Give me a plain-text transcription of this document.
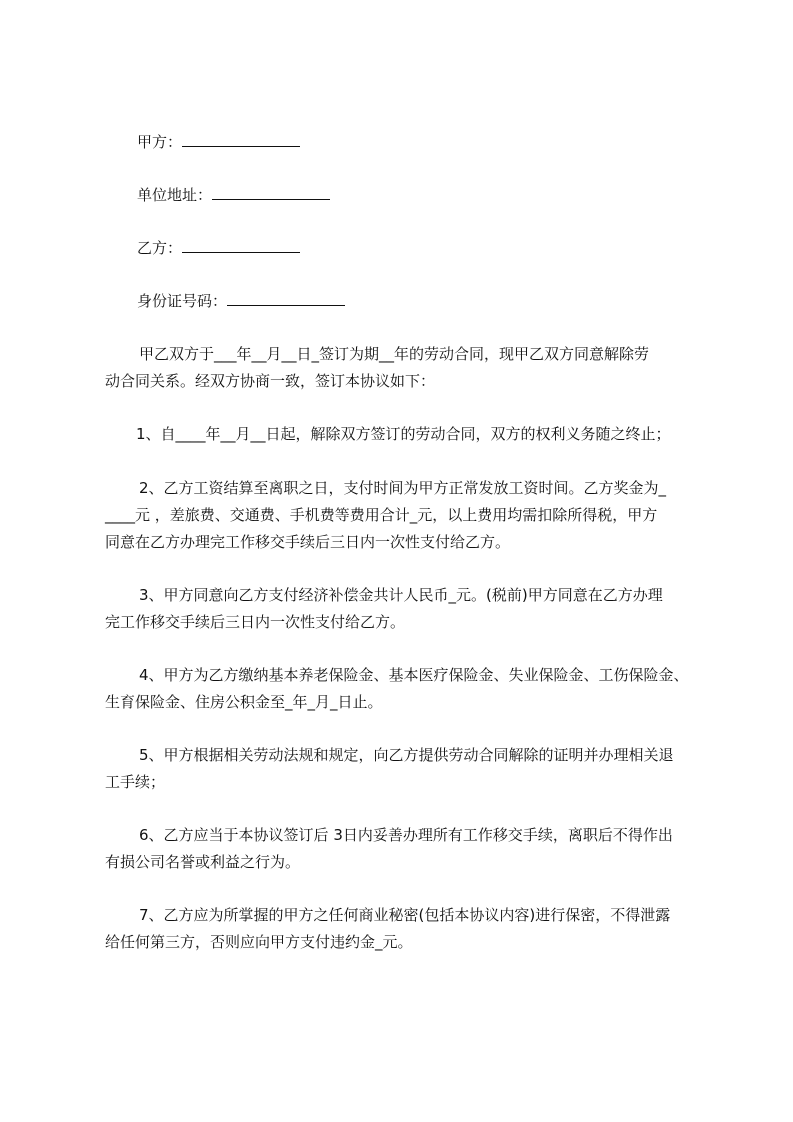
甲方：
单位地址：
乙方：
身份证号码：
甲乙双方于___年__月__日_签订为期__年的劳动合同，现甲乙双方同意解除劳
动合同关系。经双方协商一致，签订本协议如下：
1、自____年__月__日起，解除双方签订的劳动合同，双方的权利义务随之终止；
2、乙方工资结算至离职之日，支付时间为甲方正常发放工资时间。乙方奖金为_
____元 ，差旅费、交通费、手机费等费用合计_元，以上费用均需扣除所得税，甲方
同意在乙方办理完工作移交手续后三日内一次性支付给乙方。
3、甲方同意向乙方支付经济补偿金共计人民币_元。(税前)甲方同意在乙方办理
完工作移交手续后三日内一次性支付给乙方。
4、甲方为乙方缴纳基本养老保险金、基本医疗保险金、失业保险金、工伤保险金、
生育保险金、住房公积金至_年_月_日止。
5、甲方根据相关劳动法规和规定，向乙方提供劳动合同解除的证明并办理相关退
工手续；
6、乙方应当于本协议签订后 3日内妥善办理所有工作移交手续，离职后不得作出
有损公司名誉或利益之行为。
7、乙方应为所掌握的甲方之任何商业秘密(包括本协议内容)进行保密，不得泄露
给任何第三方，否则应向甲方支付违约金_元。
